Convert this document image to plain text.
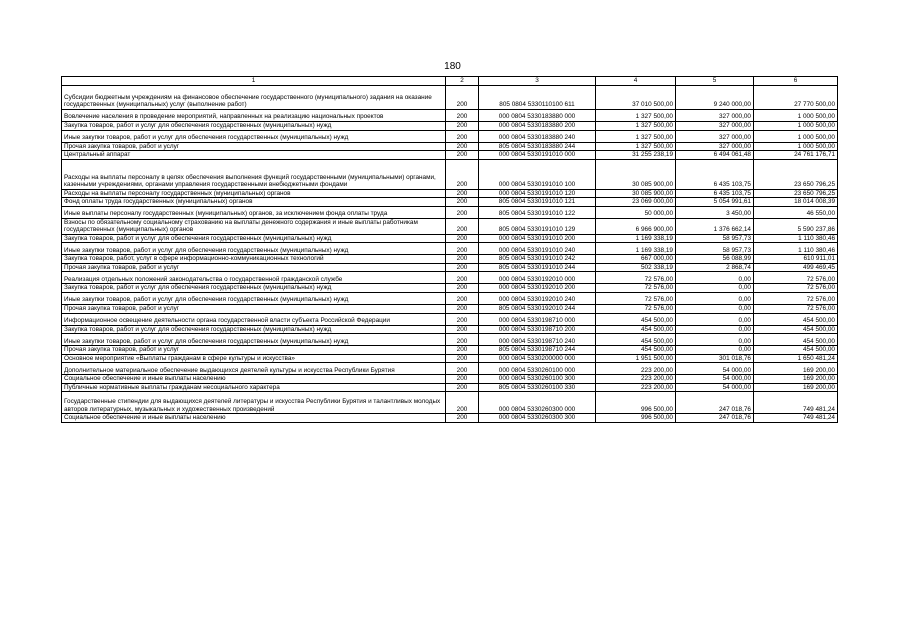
180
1	2	3	4	5	6
Субсидии бюджетным учреждениям на финансовое обеспечение государственного (муниципального) задания на оказание государственных (муниципальных) услуг (выполнение работ)	200	805 0804 5330110100 611	37 010 500,00	9 240 000,00	27 770 500,00
Вовлечение населения в проведение мероприятий, направленных на реализацию национальных проектов	200	000 0804 5330183880 000	1 327 500,00	327 000,00	1 000 500,00
Закупка товаров, работ и услуг для обеспечения государственных (муниципальных) нужд	200	000 0804 5330183880 200	1 327 500,00	327 000,00	1 000 500,00
Иные закупки товаров, работ и услуг для обеспечения государственных (муниципальных) нужд	200	000 0804 5330183880 240	1 327 500,00	327 000,00	1 000 500,00
Прочая закупка товаров, работ и услуг	200	805 0804 5330183880 244	1 327 500,00	327 000,00	1 000 500,00
Центральный аппарат	200	000 0804 5330191010 000	31 255 238,19	6 494 061,48	24 761 176,71
Расходы на выплаты персоналу в целях обеспечения выполнения функций государственными (муниципальными) органами, казенными учреждениями, органами управления государственными внебюджетными фондами	200	000 0804 5330191010 100	30 085 900,00	6 435 103,75	23 650 796,25
Расходы на выплаты персоналу государственных (муниципальных) органов	200	000 0804 5330191010 120	30 085 900,00	6 435 103,75	23 650 796,25
Фонд оплаты труда государственных (муниципальных) органов	200	805 0804 5330191010 121	23 069 000,00	5 054 991,61	18 014 008,39
Иные выплаты персоналу государственных (муниципальных) органов, за исключением фонда оплаты труда	200	805 0804 5330191010 122	50 000,00	3 450,00	46 550,00
Взносы по обязательному социальному страхованию на выплаты денежного содержания и иные выплаты работникам государственных (муниципальных) органов	200	805 0804 5330191010 129	6 966 900,00	1 376 662,14	5 590 237,86
Закупка товаров, работ и услуг для обеспечения государственных (муниципальных) нужд	200	000 0804 5330191010 200	1 169 338,19	58 957,73	1 110 380,46
Иные закупки товаров, работ и услуг для обеспечения государственных (муниципальных) нужд	200	000 0804 5330191010 240	1 169 338,19	58 957,73	1 110 380,46
Закупка товаров, работ, услуг в сфере информационно-коммуникационных технологий	200	805 0804 5330191010 242	667 000,00	56 088,99	610 911,01
Прочая закупка товаров, работ и услуг	200	805 0804 5330191010 244	502 338,19	2 868,74	499 469,45
Реализация отдельных положений законодательства о государственной гражданской службе	200	000 0804 5330192010 000	72 576,00	0,00	72 576,00
Закупка товаров, работ и услуг для обеспечения государственных (муниципальных) нужд	200	000 0804 5330192010 200	72 576,00	0,00	72 576,00
Иные закупки товаров, работ и услуг для обеспечения государственных (муниципальных) нужд	200	000 0804 5330192010 240	72 576,00	0,00	72 576,00
Прочая закупка товаров, работ и услуг	200	805 0804 5330192010 244	72 576,00	0,00	72 576,00
Информационное освещение деятельности органа государственной власти субъекта Российской Федерации	200	000 0804 5330198710 000	454 500,00	0,00	454 500,00
Закупка товаров, работ и услуг для обеспечения государственных (муниципальных) нужд	200	000 0804 5330198710 200	454 500,00	0,00	454 500,00
Иные закупки товаров, работ и услуг для обеспечения государственных (муниципальных) нужд	200	000 0804 5330198710 240	454 500,00	0,00	454 500,00
Прочая закупка товаров, работ и услуг	200	805 0804 5330198710 244	454 500,00	0,00	454 500,00
Основное мероприятие «Выплаты гражданам в сфере культуры и искусства»	200	000 0804 5330200000 000	1 951 500,00	301 018,76	1 650 481,24
Дополнительное материальное обеспечение выдающихся деятелей культуры и искусства Республики Бурятия	200	000 0804 5330260100 000	223 200,00	54 000,00	169 200,00
Социальное обеспечение и иные выплаты населению	200	000 0804 5330260100 300	223 200,00	54 000,00	169 200,00
Публичные нормативные выплаты гражданам несоциального характера	200	805 0804 5330260100 330	223 200,00	54 000,00	169 200,00
Государственные стипендии для выдающихся деятелей литературы и искусства Республики Бурятия и талантливых молодых авторов литературных, музыкальных и художественных произведений	200	000 0804 5330260300 000	996 500,00	247 018,76	749 481,24
Социальное обеспечение и иные выплаты населению	200	000 0804 5330260300 300	996 500,00	247 018,76	749 481,24
